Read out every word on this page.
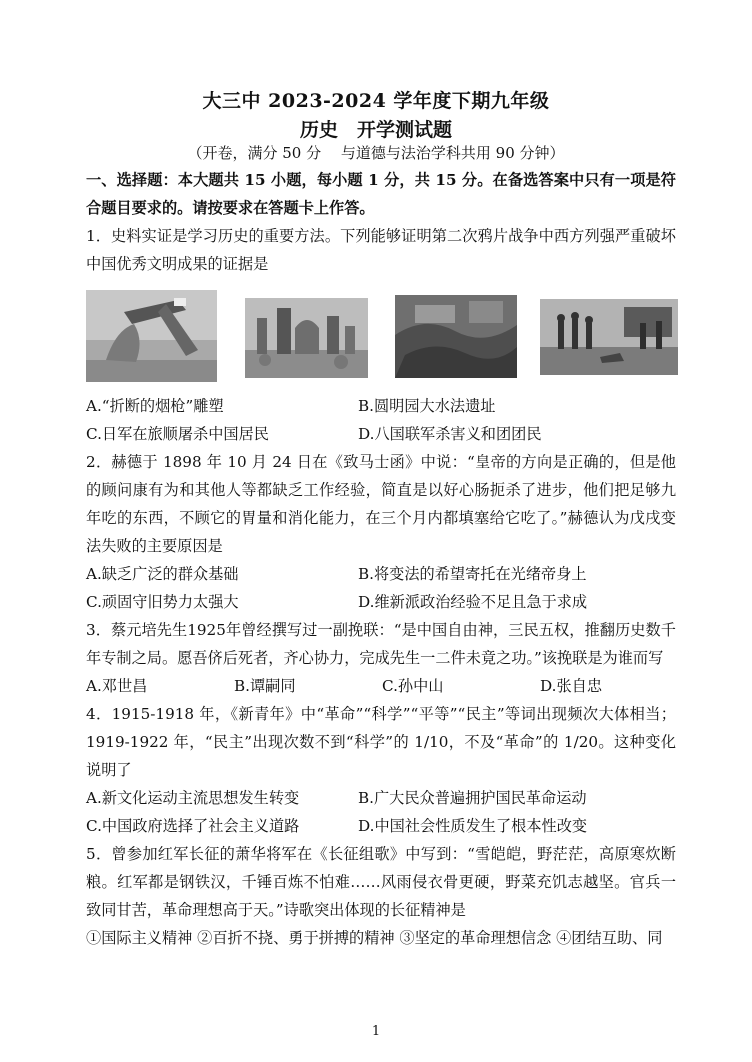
大三中 2023-2024 学年度下期九年级
历史　开学测试题
（开卷，满分 50 分　 与道德与法治学科共用 90 分钟）

一、选择题：本大题共 15 小题，每小题 1 分，共 15 分。在备选答案中只有一项是符合题目要求的。请按要求在答题卡上作答。

1．史料实证是学习历史的重要方法。下列能够证明第二次鸦片战争中西方列强严重破坏中国优秀文明成果的证据是

A.“折断的烟枪”雕塑	B.圆明园大水法遗址
C.日军在旅顺屠杀中国居民	D.八国联军杀害义和团团民

2．赫德于 1898 年 10 月 24 日在《致马士函》中说：“皇帝的方向是正确的，但是他的顾问康有为和其他人等都缺乏工作经验，简直是以好心肠扼杀了进步，他们把足够九年吃的东西，不顾它的胃量和消化能力，在三个月内都填塞给它吃了。”赫德认为戊戌变法失败的主要原因是

A.缺乏广泛的群众基础	B.将变法的希望寄托在光绪帝身上
C.顽固守旧势力太强大	D.维新派政治经验不足且急于求成

3．蔡元培先生1925年曾经撰写过一副挽联：“是中国自由神，三民五权，推翻历史数千年专制之局。愿吾侪后死者，齐心协力，完成先生一二件未竟之功。”该挽联是为谁而写

A.邓世昌	B.谭嗣同	C.孙中山	D.张自忠

4．1915-1918 年，《新青年》中“革命”“科学”“平等”“民主”等词出现频次大体相当；1919-1922 年，“民主”出现次数不到“科学”的 1/10，不及“革命”的 1/20。这种变化说明了

A.新文化运动主流思想发生转变	B.广大民众普遍拥护国民革命运动
C.中国政府选择了社会主义道路	D.中国社会性质发生了根本性改变

5．曾参加红军长征的萧华将军在《长征组歌》中写到：“雪皑皑，野茫茫，高原寒炊断粮。红军都是钢铁汉，千锤百炼不怕难……风雨侵衣骨更硬，野菜充饥志越坚。官兵一致同甘苦，革命理想高于天。”诗歌突出体现的长征精神是

①国际主义精神 ②百折不挠、勇于拼搏的精神 ③坚定的革命理想信念 ④团结互助、同

1
